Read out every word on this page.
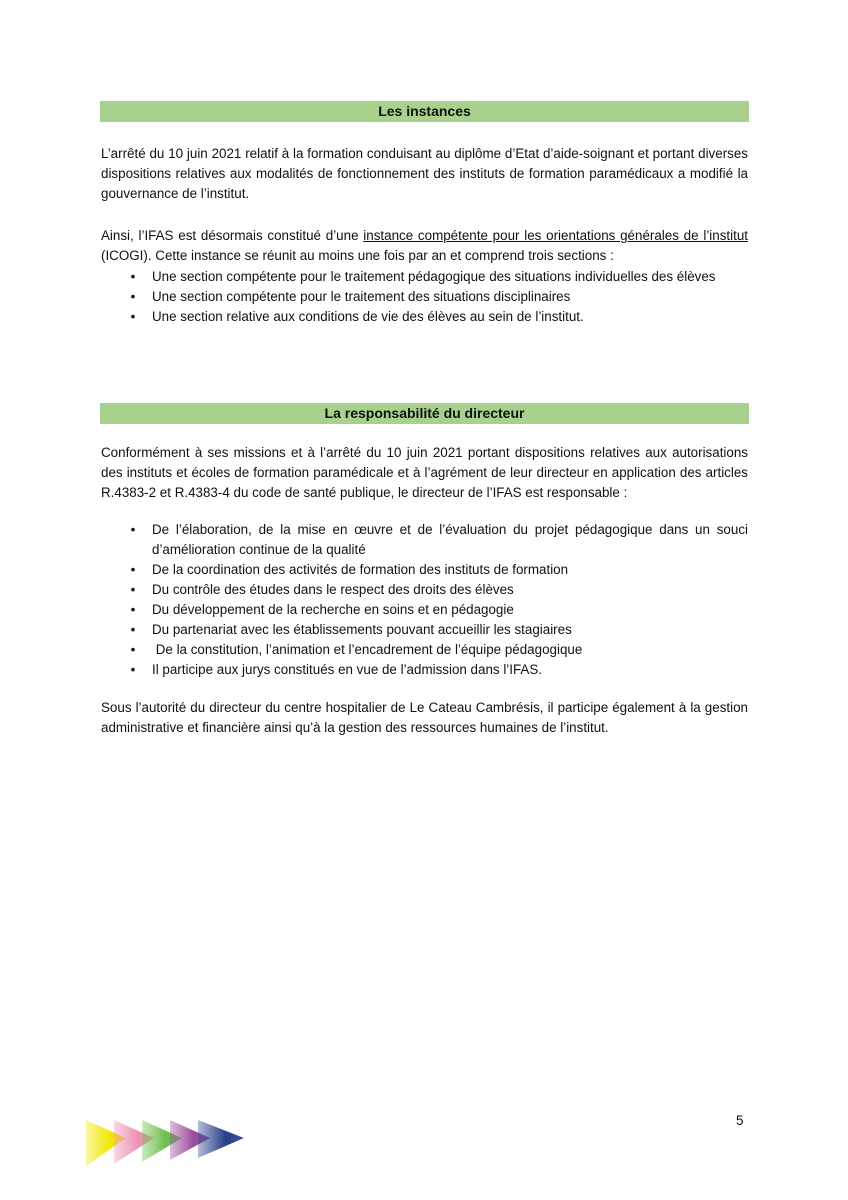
Les instances

L’arrêté du 10 juin 2021 relatif à la formation conduisant au diplôme d’Etat d’aide-soignant et portant diverses dispositions relatives aux modalités de fonctionnement des instituts de formation paramédicaux a modifié la gouvernance de l’institut.

Ainsi, l’IFAS est désormais constitué d’une instance compétente pour les orientations générales de l’institut (ICOGI). Cette instance se réunit au moins une fois par an et comprend trois sections :

• Une section compétente pour le traitement pédagogique des situations individuelles des élèves
• Une section compétente pour le traitement des situations disciplinaires
• Une section relative aux conditions de vie des élèves au sein de l’institut.
La responsabilité du directeur

Conformément à ses missions et à l’arrêté du 10 juin 2021 portant dispositions relatives aux autorisations des instituts et écoles de formation paramédicale et à l’agrément de leur directeur en application des articles R.4383-2 et R.4383-4 du code de santé publique, le directeur de l’IFAS est responsable :

• De l’élaboration, de la mise en œuvre et de l’évaluation du projet pédagogique dans un souci d’amélioration continue de la qualité
• De la coordination des activités de formation des instituts de formation
• Du contrôle des études dans le respect des droits des élèves
• Du développement de la recherche en soins et en pédagogie
• Du partenariat avec les établissements pouvant accueillir les stagiaires
• De la constitution, l’animation et l’encadrement de l’équipe pédagogique
• Il participe aux jurys constitués en vue de l’admission dans l’IFAS.

Sous l’autorité du directeur du centre hospitalier de Le Cateau Cambrésis, il participe également à la gestion administrative et financière ainsi qu’à la gestion des ressources humaines de l’institut.

5
